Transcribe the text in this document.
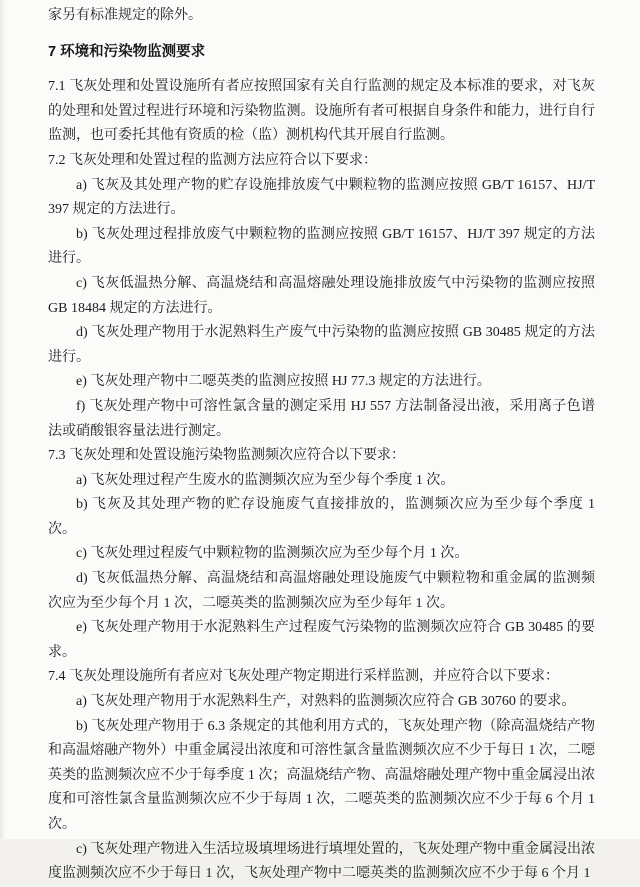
家另有标准规定的除外。

7 环境和污染物监测要求

7.1 飞灰处理和处置设施所有者应按照国家有关自行监测的规定及本标准的要求，对飞灰的处理和处置过程进行环境和污染物监测。设施所有者可根据自身条件和能力，进行自行监测，也可委托其他有资质的检（监）测机构代其开展自行监测。

7.2 飞灰处理和处置过程的监测方法应符合以下要求：

a) 飞灰及其处理产物的贮存设施排放废气中颗粒物的监测应按照 GB/T 16157、HJ/T 397 规定的方法进行。

b) 飞灰处理过程排放废气中颗粒物的监测应按照 GB/T 16157、HJ/T 397 规定的方法进行。

c) 飞灰低温热分解、高温烧结和高温熔融处理设施排放废气中污染物的监测应按照 GB 18484 规定的方法进行。

d) 飞灰处理产物用于水泥熟料生产废气中污染物的监测应按照 GB 30485 规定的方法进行。

e) 飞灰处理产物中二噁英类的监测应按照 HJ 77.3 规定的方法进行。

f) 飞灰处理产物中可溶性氯含量的测定采用 HJ 557 方法制备浸出液，采用离子色谱法或硝酸银容量法进行测定。

7.3 飞灰处理和处置设施污染物监测频次应符合以下要求：

a) 飞灰处理过程产生废水的监测频次应为至少每个季度 1 次。

b) 飞灰及其处理产物的贮存设施废气直接排放的，监测频次应为至少每个季度 1 次。

c) 飞灰处理过程废气中颗粒物的监测频次应为至少每个月 1 次。

d) 飞灰低温热分解、高温烧结和高温熔融处理设施废气中颗粒物和重金属的监测频次应为至少每个月 1 次，二噁英类的监测频次应为至少每年 1 次。

e) 飞灰处理产物用于水泥熟料生产过程废气污染物的监测频次应符合 GB 30485 的要求。

7.4 飞灰处理设施所有者应对飞灰处理产物定期进行采样监测，并应符合以下要求：

a) 飞灰处理产物用于水泥熟料生产，对熟料的监测频次应符合 GB 30760 的要求。

b) 飞灰处理产物用于 6.3 条规定的其他利用方式的，飞灰处理产物（除高温烧结产物和高温熔融产物外）中重金属浸出浓度和可溶性氯含量监测频次应不少于每日 1 次，二噁英类的监测频次应不少于每季度 1 次；高温烧结产物、高温熔融处理产物中重金属浸出浓度和可溶性氯含量监测频次应不少于每周 1 次，二噁英类的监测频次应不少于每 6 个月 1 次。

c) 飞灰处理产物进入生活垃圾填埋场进行填埋处置的，飞灰处理产物中重金属浸出浓度监测频次应不少于每日 1 次，飞灰处理产物中二噁英类的监测频次应不少于每 6 个月 1
